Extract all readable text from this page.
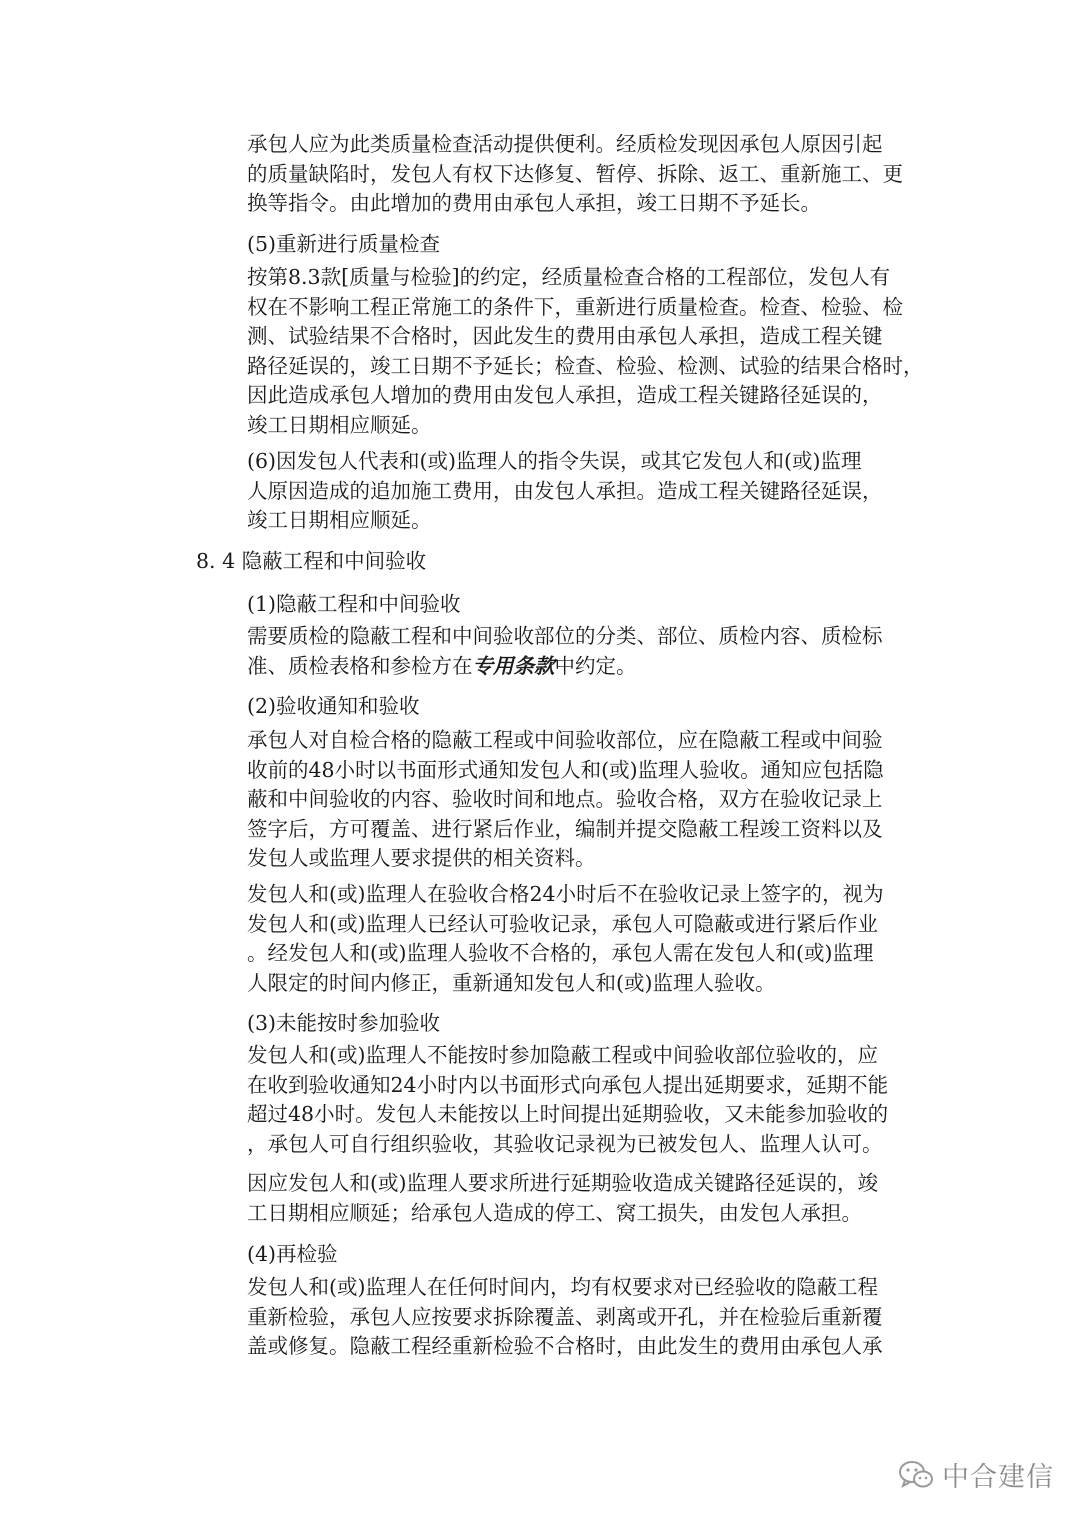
承包人应为此类质量检查活动提供便利。经质检发现因承包人原因引起
的质量缺陷时，发包人有权下达修复、暂停、拆除、返工、重新施工、更
换等指令。由此增加的费用由承包人承担，竣工日期不予延长。

(5)重新进行质量检查

按第8.3款[质量与检验]的约定，经质量检查合格的工程部位，发包人有
权在不影响工程正常施工的条件下，重新进行质量检查。检查、检验、检
测、试验结果不合格时，因此发生的费用由承包人承担，造成工程关键
路径延误的，竣工日期不予延长；检查、检验、检测、试验的结果合格时，
因此造成承包人增加的费用由发包人承担，造成工程关键路径延误的，
竣工日期相应顺延。

(6)因发包人代表和(或)监理人的指令失误，或其它发包人和(或)监理
人原因造成的追加施工费用，由发包人承担。造成工程关键路径延误，
竣工日期相应顺延。

8. 4 隐蔽工程和中间验收

(1)隐蔽工程和中间验收

需要质检的隐蔽工程和中间验收部位的分类、部位、质检内容、质检标
准、质检表格和参检方在专用条款中约定。

(2)验收通知和验收

承包人对自检合格的隐蔽工程或中间验收部位，应在隐蔽工程或中间验
收前的48小时以书面形式通知发包人和(或)监理人验收。通知应包括隐
蔽和中间验收的内容、验收时间和地点。验收合格，双方在验收记录上
签字后，方可覆盖、进行紧后作业，编制并提交隐蔽工程竣工资料以及
发包人或监理人要求提供的相关资料。

发包人和(或)监理人在验收合格24小时后不在验收记录上签字的，视为
发包人和(或)监理人已经认可验收记录，承包人可隐蔽或进行紧后作业
。经发包人和(或)监理人验收不合格的，承包人需在发包人和(或)监理
人限定的时间内修正，重新通知发包人和(或)监理人验收。

(3)未能按时参加验收

发包人和(或)监理人不能按时参加隐蔽工程或中间验收部位验收的，应
在收到验收通知24小时内以书面形式向承包人提出延期要求，延期不能
超过48小时。发包人未能按以上时间提出延期验收，又未能参加验收的
，承包人可自行组织验收，其验收记录视为已被发包人、监理人认可。

因应发包人和(或)监理人要求所进行延期验收造成关键路径延误的，竣
工日期相应顺延；给承包人造成的停工、窝工损失，由发包人承担。

(4)再检验

发包人和(或)监理人在任何时间内，均有权要求对已经验收的隐蔽工程
重新检验，承包人应按要求拆除覆盖、剥离或开孔，并在检验后重新覆
盖或修复。隐蔽工程经重新检验不合格时，由此发生的费用由承包人承

中合建信
